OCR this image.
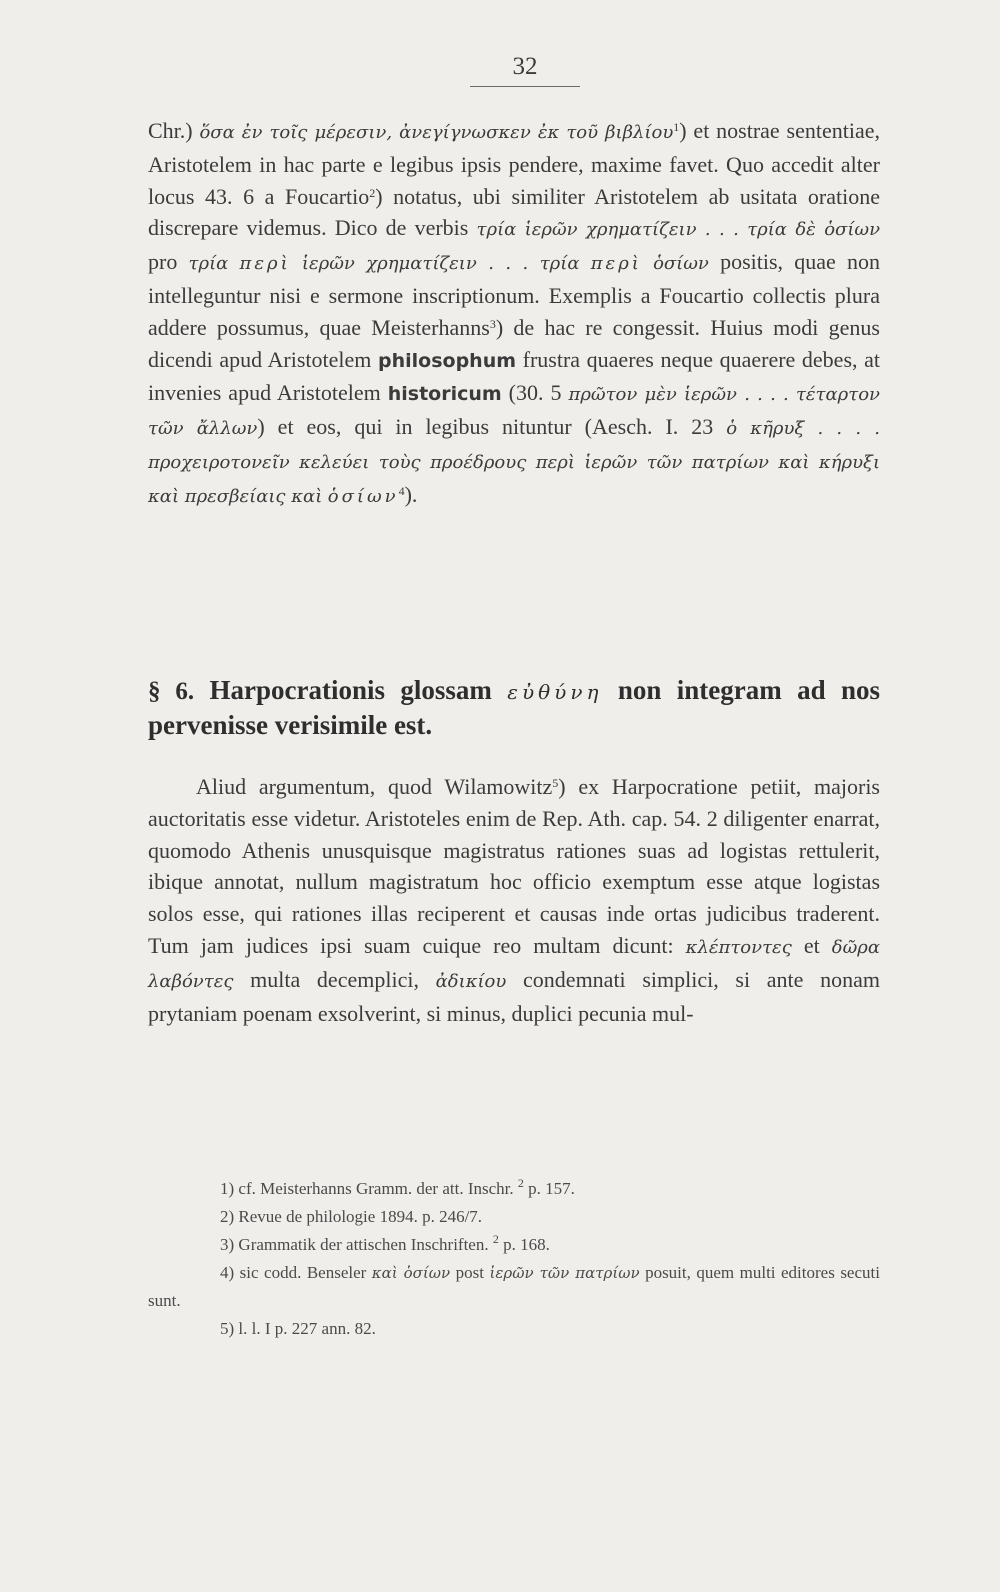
32

Chr.) ὅσα ἐν τοῖς μέρεσιν, ἀνεγίγνωσκεν ἐκ τοῦ βιβλίου$^1$) et nostrae sententiae, Aristotelem in hac parte e legibus ipsis pendere, maxime favet. Quo accedit alter locus 43. 6 a Foucartio$^2$) notatus, ubi similiter Aristotelem ab usitata oratione discrepare videmus. Dico de verbis τρία ἱερῶν χρηματίζειν . . . τρία δὲ ὁσίων pro τρία περὶ ἱερῶν χρηματίζειν . . . τρία περὶ ὁσίων positis, quae non intelleguntur nisi e sermone inscriptionum. Exemplis a Foucartio collectis plura addere possumus, quae Meisterhanns$^3$) de hac re congessit. Huius modi genus dicendi apud Aristotelem philosophum frustra quaeres neque quaerere debes, at invenies apud Aristotelem historicum (30. 5 πρῶτον μὲν ἱερῶν . . . . τέταρτον τῶν ἄλλων) et eos, qui in legibus nituntur (Aesch. I. 23 ὁ κῆρυξ . . . . προχειροτονεῖν κελεύει τοὺς προέδρους περὶ ἱερῶν τῶν πατρίων καὶ κήρυξι καὶ πρεσβείαις καὶ ὁσίων$^4$).

§ 6. Harpocrationis glossam εὐθύνη non integram ad nos pervenisse verisimile est.

Aliud argumentum, quod Wilamowitz$^5$) ex Harpocratione petiit, majoris auctoritatis esse videtur. Aristoteles enim de Rep. Ath. cap. 54. 2 diligenter enarrat, quomodo Athenis unusquisque magistratus rationes suas ad logistas rettulerit, ibique annotat, nullum magistratum hoc officio exemptum esse atque logistas solos esse, qui rationes illas reciperent et causas inde ortas judicibus traderent. Tum jam judices ipsi suam cuique reo multam dicunt: κλέπτοντες et δῶρα λαβόντες multa decemplici, ἀδικίου condemnati simplici, si ante nonam prytaniam poenam exsolverint, si minus, duplici pecunia mul-

1) cf. Meisterhanns Gramm. der att. Inschr. $^2$ p. 157.

2) Revue de philologie 1894. p. 246/7.

3) Grammatik der attischen Inschriften. $^2$ p. 168.

4) sic codd. Benseler καὶ ὁσίων post ἱερῶν τῶν πατρίων posuit, quem multi editores secuti sunt.

5) l. l. I p. 227 ann. 82.
